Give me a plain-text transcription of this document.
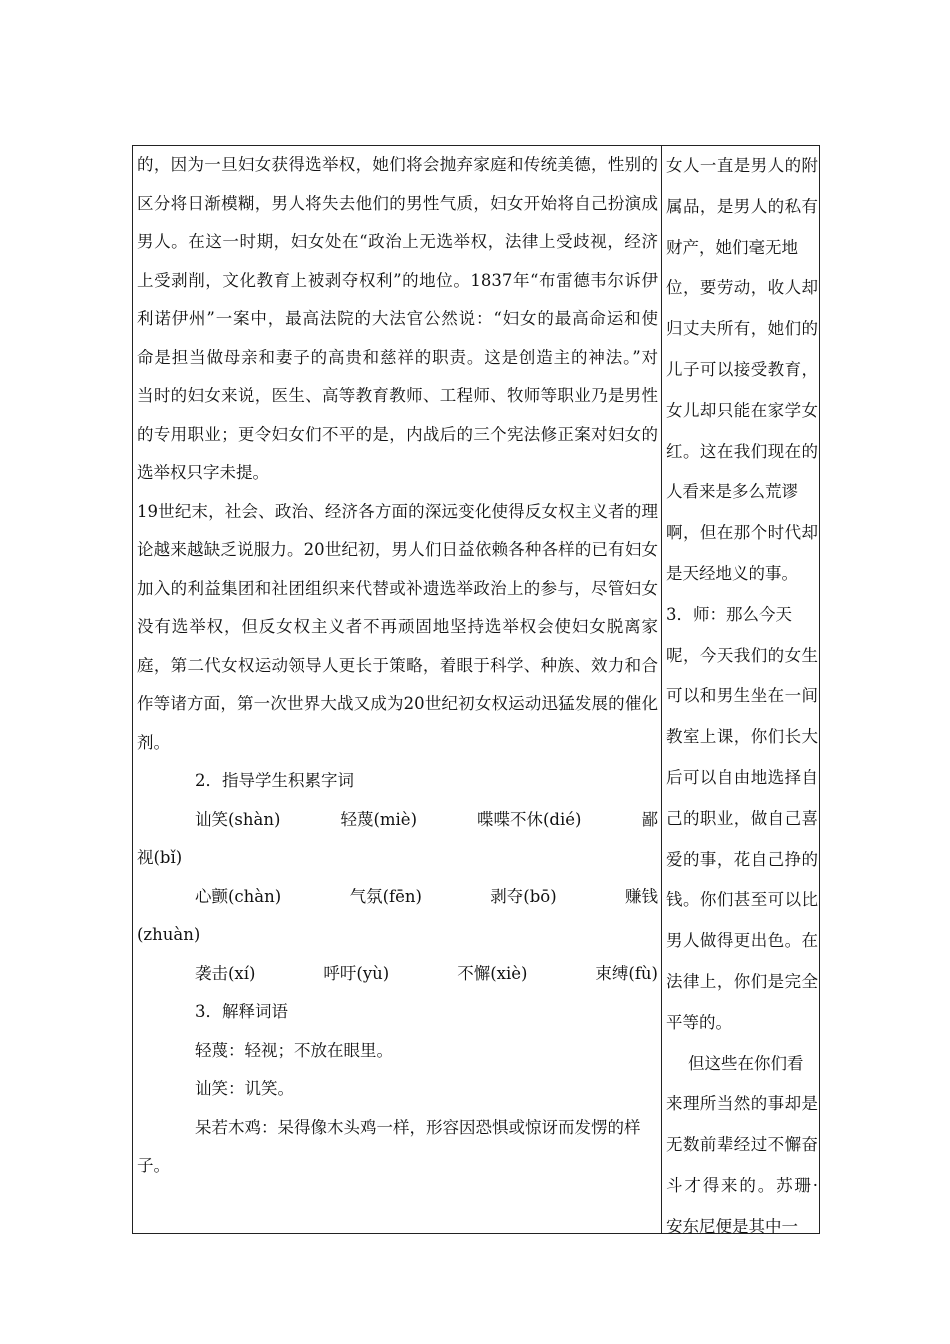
的，因为一旦妇女获得选举权，她们将会抛弃家庭和传统美德，性别的
区分将日渐模糊，男人将失去他们的男性气质，妇女开始将自己扮演成
男人。在这一时期，妇女处在“政治上无选举权，法律上受歧视，经济
上受剥削，文化教育上被剥夺权利”的地位。1837年“布雷德韦尔诉伊
利诺伊州”一案中，最高法院的大法官公然说：“妇女的最高命运和使
命是担当做母亲和妻子的高贵和慈祥的职责。这是创造主的神法。”对
当时的妇女来说，医生、高等教育教师、工程师、牧师等职业乃是男性
的专用职业；更令妇女们不平的是，内战后的三个宪法修正案对妇女的
选举权只字未提。
19世纪末，社会、政治、经济各方面的深远变化使得反女权主义者的理
论越来越缺乏说服力。20世纪初，男人们日益依赖各种各样的已有妇女
加入的利益集团和社团组织来代替或补遗选举政治上的参与，尽管妇女
没有选举权，但反女权主义者不再顽固地坚持选举权会使妇女脱离家
庭，第二代女权运动领导人更长于策略，着眼于科学、种族、效力和合
作等诸方面，第一次世界大战又成为20世纪初女权运动迅猛发展的催化
剂。
2．指导学生积累字词
讪笑(shàn)	轻蔑(miè)	喋喋不休(dié)	鄙
视(bǐ)
心颤(chàn)	气氛(fēn)	剥夺(bō)	赚钱
(zhuàn)
袭击(xí)	呼吁(yù)	不懈(xiè)	束缚(fù)
3．解释词语
轻蔑：轻视；不放在眼里。
讪笑：讥笑。
呆若木鸡：呆得像木头鸡一样，形容因恐惧或惊讶而发愣的样
子。
女人一直是男人的附
属品，是男人的私有
财产，她们毫无地
位，要劳动，收人却
归丈夫所有，她们的
儿子可以接受教育，
女儿却只能在家学女
红。这在我们现在的
人看来是多么荒谬
啊，但在那个时代却
是天经地义的事。
3．师：那么今天
呢，今天我们的女生
可以和男生坐在一间
教室上课，你们长大
后可以自由地选择自
己的职业，做自己喜
爱的事，花自己挣的
钱。你们甚至可以比
男人做得更出色。在
法律上，你们是完全
平等的。
但这些在你们看
来理所当然的事却是
无数前辈经过不懈奋
斗才得来的。苏珊·
安东尼便是其中一
